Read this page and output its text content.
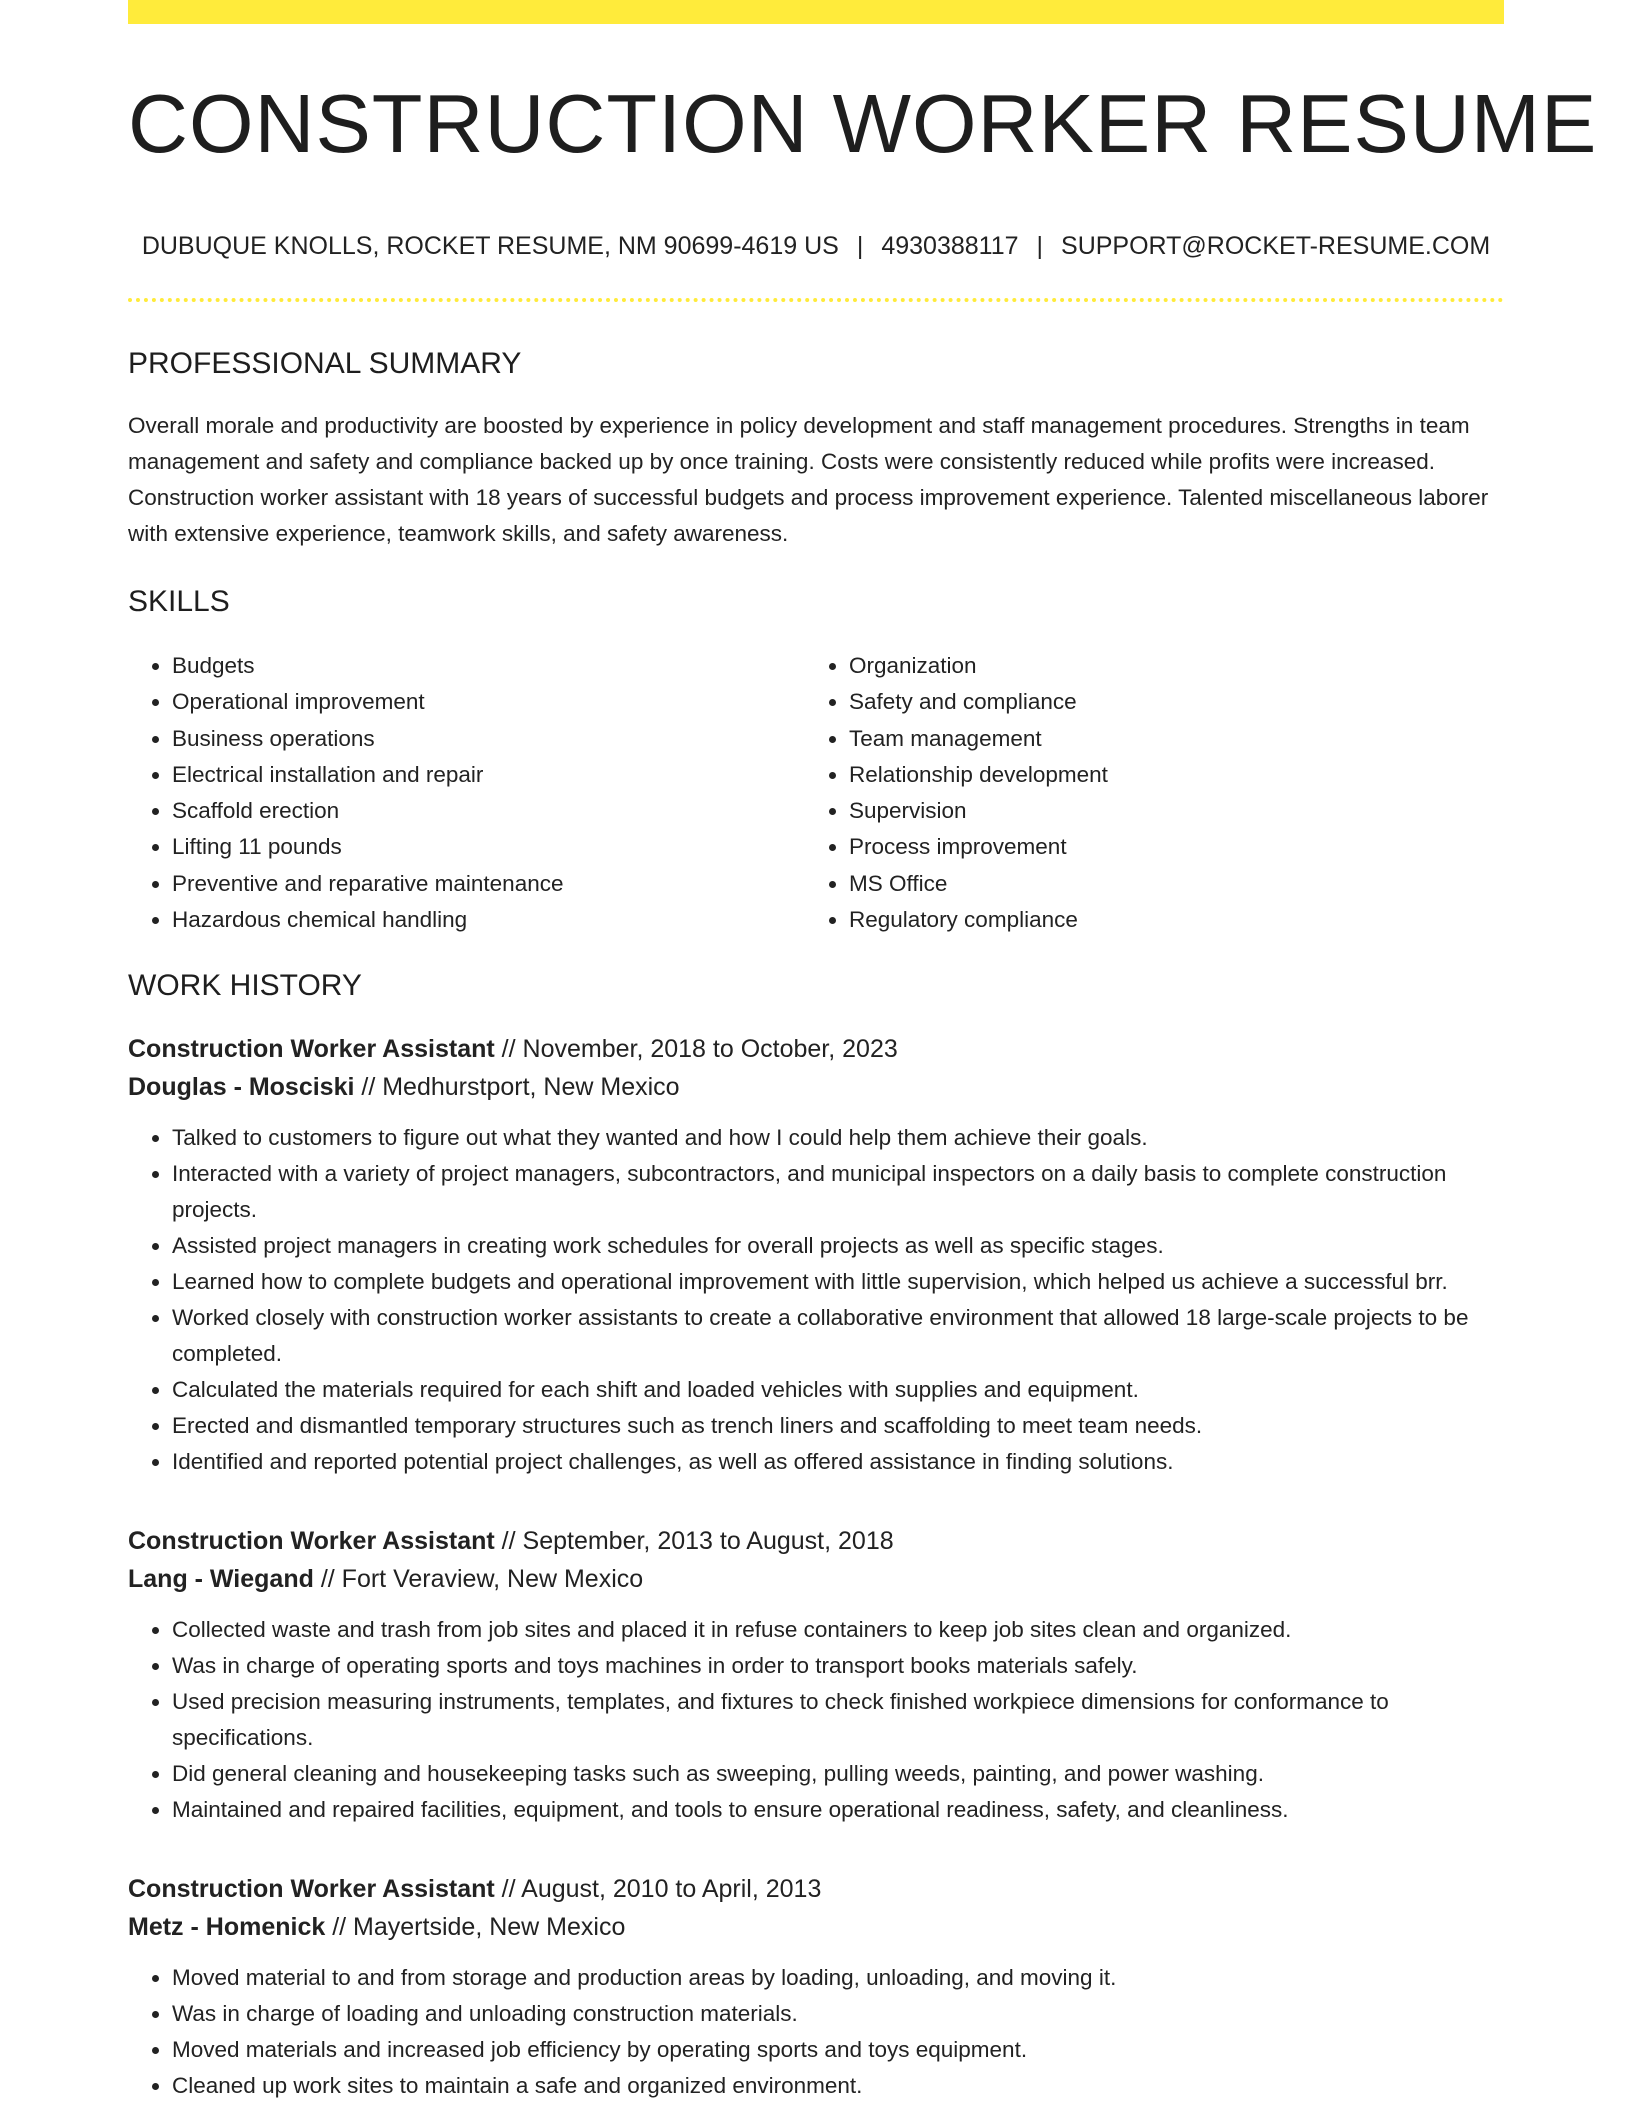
CONSTRUCTION WORKER RESUME
DUBUQUE KNOLLS, ROCKET RESUME, NM 90699-4619 US | 4930388117 | SUPPORT@ROCKET-RESUME.COM
PROFESSIONAL SUMMARY

Overall morale and productivity are boosted by experience in policy development and staff management procedures. Strengths in team management and safety and compliance backed up by once training. Costs were consistently reduced while profits were increased. Construction worker assistant with 18 years of successful budgets and process improvement experience. Talented miscellaneous laborer with extensive experience, teamwork skills, and safety awareness.

SKILLS
• Budgets
• Operational improvement
• Business operations
• Electrical installation and repair
• Scaffold erection
• Lifting 11 pounds
• Preventive and reparative maintenance
• Hazardous chemical handling
• Organization
• Safety and compliance
• Team management
• Relationship development
• Supervision
• Process improvement
• MS Office
• Regulatory compliance
WORK HISTORY
Construction Worker Assistant // November, 2018 to October, 2023
Douglas - Mosciski // Medhurstport, New Mexico
• Talked to customers to figure out what they wanted and how I could help them achieve their goals.
• Interacted with a variety of project managers, subcontractors, and municipal inspectors on a daily basis to complete construction projects.
• Assisted project managers in creating work schedules for overall projects as well as specific stages.
• Learned how to complete budgets and operational improvement with little supervision, which helped us achieve a successful brr.
• Worked closely with construction worker assistants to create a collaborative environment that allowed 18 large-scale projects to be completed.
• Calculated the materials required for each shift and loaded vehicles with supplies and equipment.
• Erected and dismantled temporary structures such as trench liners and scaffolding to meet team needs.
• Identified and reported potential project challenges, as well as offered assistance in finding solutions.
Construction Worker Assistant // September, 2013 to August, 2018
Lang - Wiegand // Fort Veraview, New Mexico
• Collected waste and trash from job sites and placed it in refuse containers to keep job sites clean and organized.
• Was in charge of operating sports and toys machines in order to transport books materials safely.
• Used precision measuring instruments, templates, and fixtures to check finished workpiece dimensions for conformance to specifications.
• Did general cleaning and housekeeping tasks such as sweeping, pulling weeds, painting, and power washing.
• Maintained and repaired facilities, equipment, and tools to ensure operational readiness, safety, and cleanliness.
Construction Worker Assistant // August, 2010 to April, 2013
Metz - Homenick // Mayertside, New Mexico
• Moved material to and from storage and production areas by loading, unloading, and moving it.
• Was in charge of loading and unloading construction materials.
• Moved materials and increased job efficiency by operating sports and toys equipment.
• Cleaned up work sites to maintain a safe and organized environment.
